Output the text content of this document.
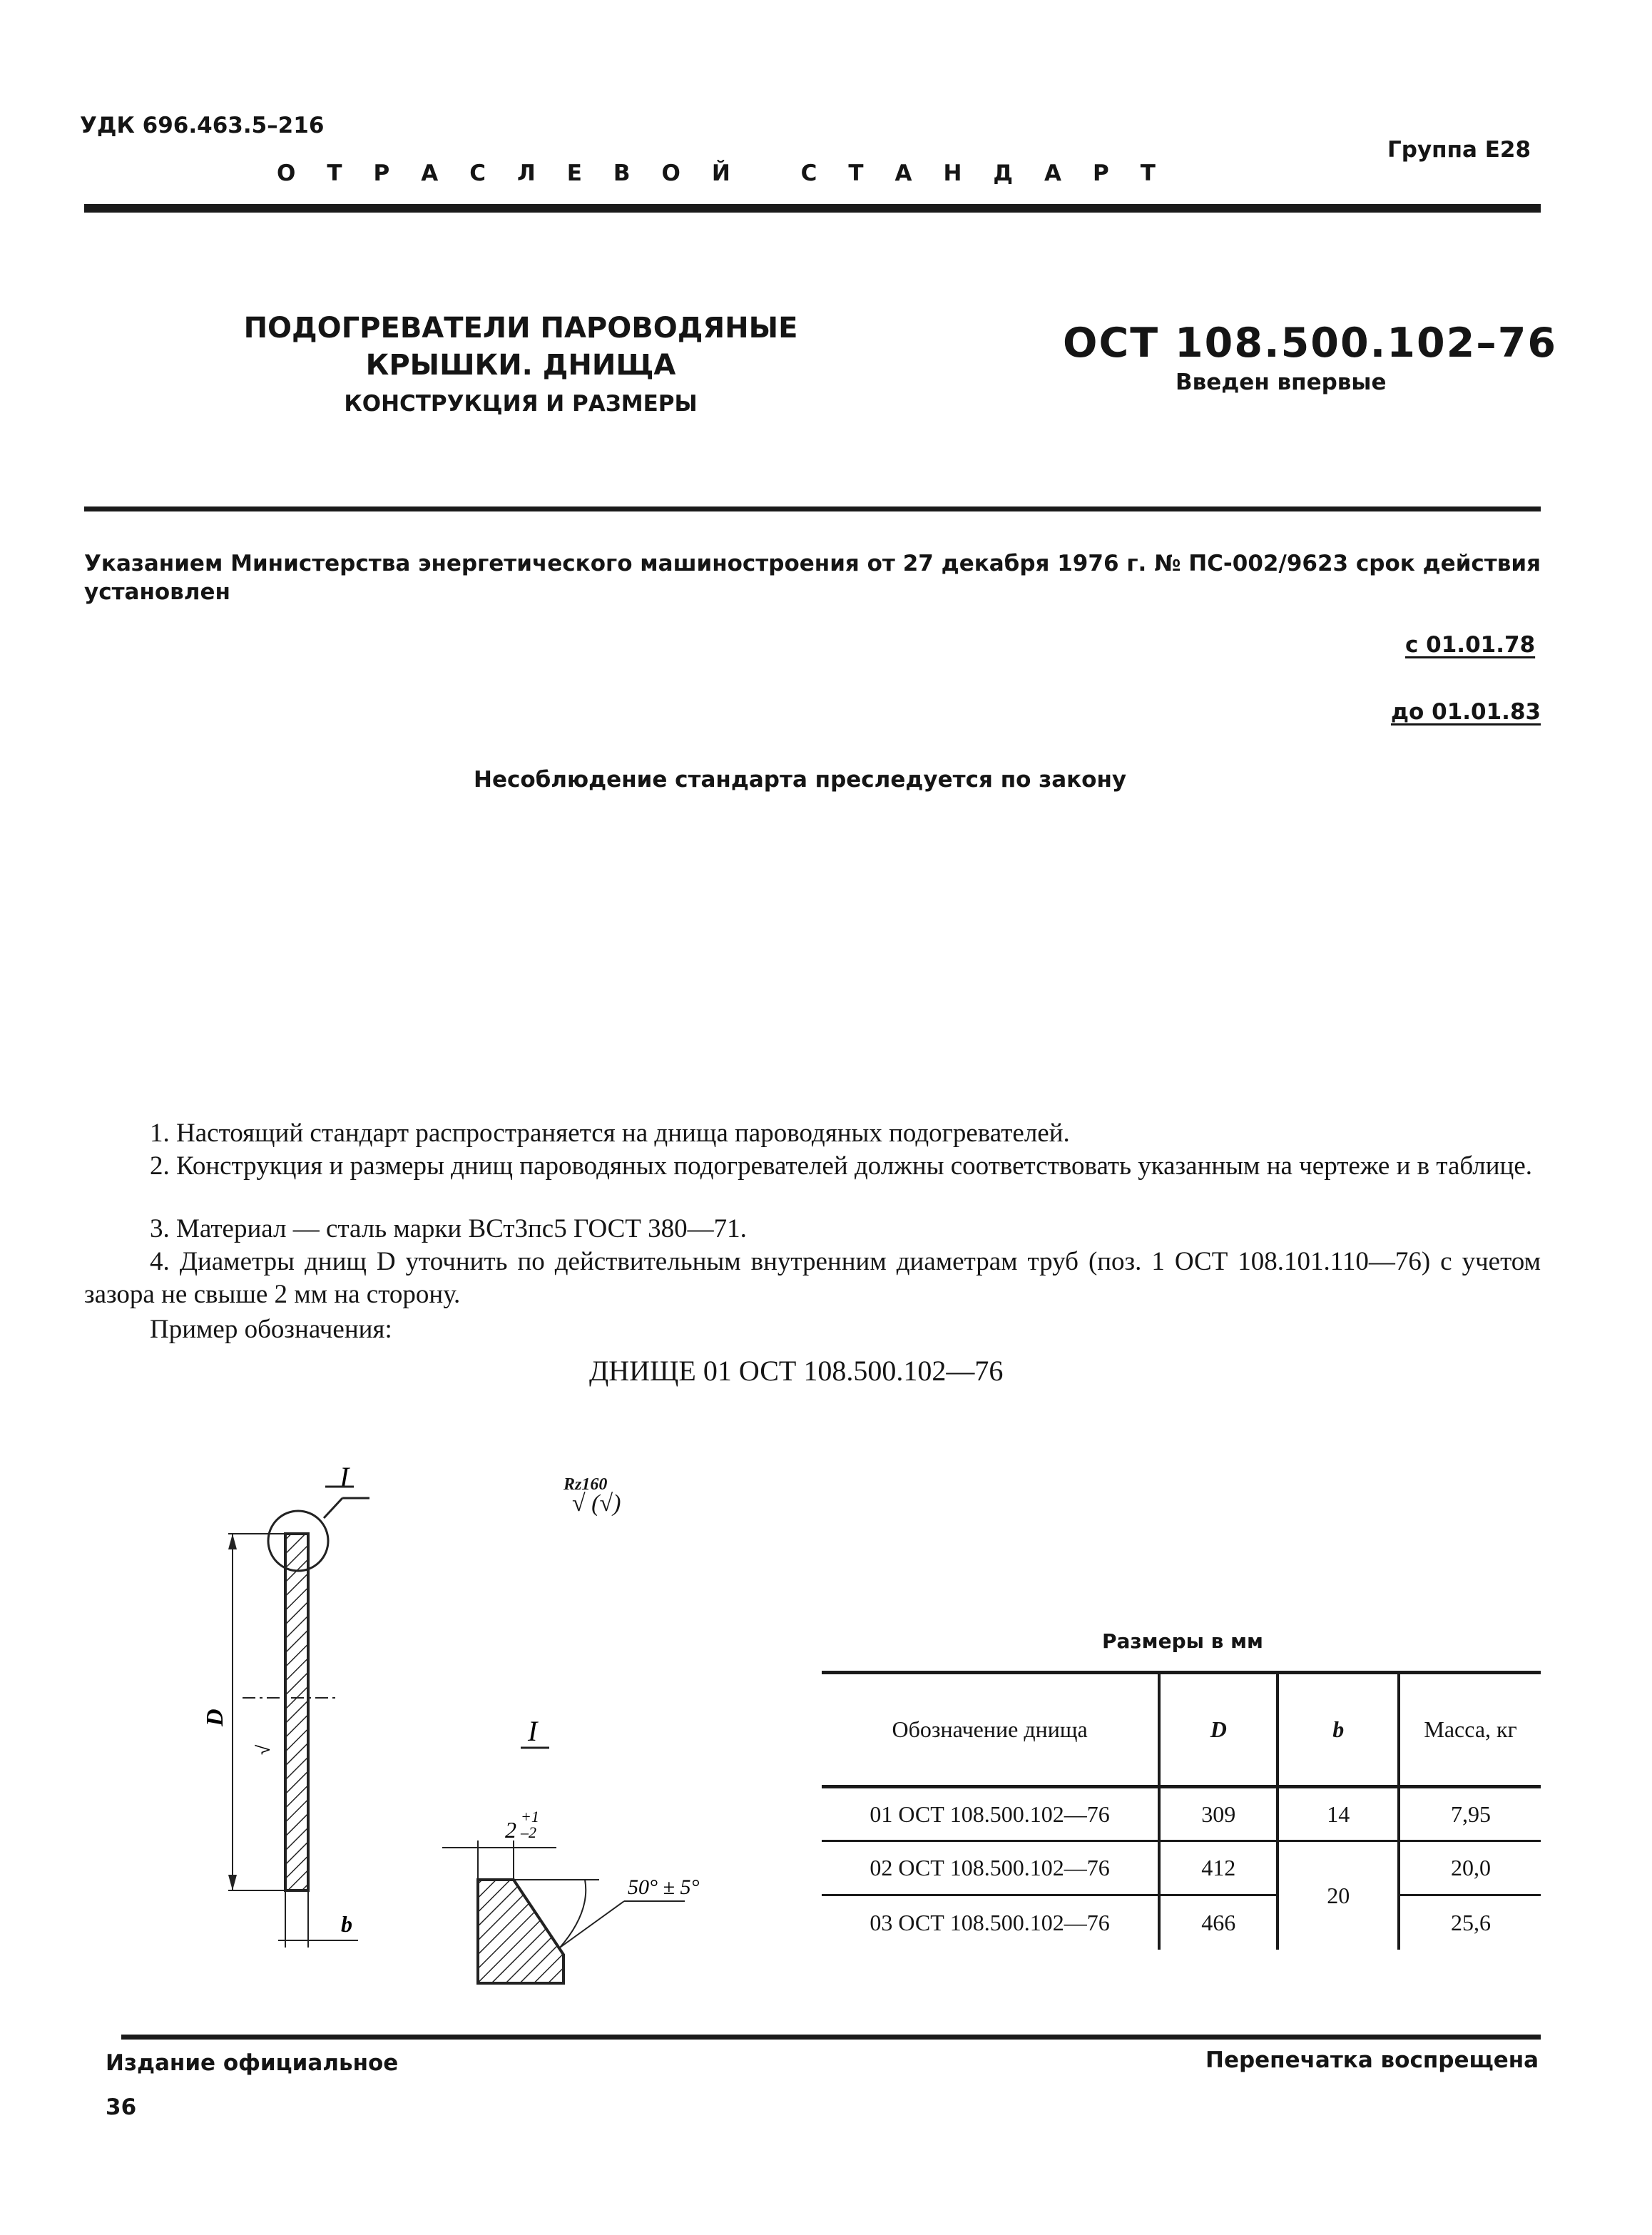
УДК 696.463.5–216
ОТРАСЛЕВОЙ СТАНДАРТ
Группа Е28
ПОДОГРЕВАТЕЛИ ПАРОВОДЯНЫЕ
КРЫШКИ. ДНИЩА
КОНСТРУКЦИЯ И РАЗМЕРЫ
ОСТ 108.500.102–76
Введен впервые
Указанием Министерства энергетического машиностроения от 27 декабря 1976 г. № ПС-002/9623 срок действия установлен
с 01.01.78
до 01.01.83
Несоблюдение стандарта преследуется по закону
1. Настоящий стандарт распространяется на днища пароводяных подогревателей.
2. Конструкция и размеры днищ пароводяных подогревателей должны соответствовать указанным на чертеже и в таблице.
3. Материал — сталь марки ВСт3пс5 ГОСТ 380—71.
4. Диаметры днищ D уточнить по действительным внутренним диаметрам труб (поз. 1 ОСТ 108.101.110—76) с учетом зазора не свыше 2 мм на сторону.
Пример обозначения:
ДНИЩЕ 01 ОСТ 108.500.102—76
I
D
√
b
I
2
+1
–2
50° ± 5°
Rz160
√ (√)
Размеры в мм
Обозначение днища	D	b	Масса, кг
01 ОСТ 108.500.102—76	309	14	7,95
02 ОСТ 108.500.102—76	412	20	20,0
03 ОСТ 108.500.102—76	466		25,6
Издание официальное	Перепечатка воспрещена
36
